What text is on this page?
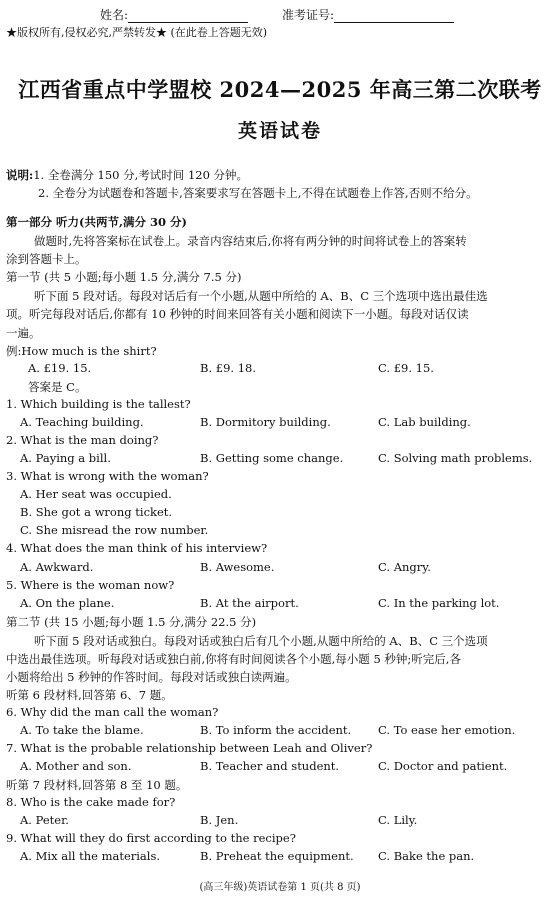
姓名:	准考证号:
★版权所有,侵权必究,严禁转发★ (在此卷上答题无效)
江西省重点中学盟校 2024—2025 年高三第二次联考
英语试卷
说明:1. 全卷满分 150 分,考试时间 120 分钟。
2. 全卷分为试题卷和答题卡,答案要求写在答题卡上,不得在试题卷上作答,否则不给分。
第一部分 听力(共两节,满分 30 分)
做题时,先将答案标在试卷上。录音内容结束后,你将有两分钟的时间将试卷上的答案转
涂到答题卡上。
第一节 (共 5 小题;每小题 1.5 分,满分 7.5 分)
听下面 5 段对话。每段对话后有一个小题,从题中所给的 A、B、C 三个选项中选出最佳选
项。听完每段对话后,你都有 10 秒钟的时间来回答有关小题和阅读下一小题。每段对话仅读
一遍。
例:How much is the shirt?
A. £19. 15.	B. £9. 18.	C. £9. 15.
答案是 C。
1. Which building is the tallest?
A. Teaching building.	B. Dormitory building.	C. Lab building.
2. What is the man doing?
A. Paying a bill.	B. Getting some change.	C. Solving math problems.
3. What is wrong with the woman?
A. Her seat was occupied.
B. She got a wrong ticket.
C. She misread the row number.
4. What does the man think of his interview?
A. Awkward.	B. Awesome.	C. Angry.
5. Where is the woman now?
A. On the plane.	B. At the airport.	C. In the parking lot.
第二节 (共 15 小题;每小题 1.5 分,满分 22.5 分)
听下面 5 段对话或独白。每段对话或独白后有几个小题,从题中所给的 A、B、C 三个选项
中选出最佳选项。听每段对话或独白前,你将有时间阅读各个小题,每小题 5 秒钟;听完后,各
小题将给出 5 秒钟的作答时间。每段对话或独白读两遍。
听第 6 段材料,回答第 6、7 题。
6. Why did the man call the woman?
A. To take the blame.	B. To inform the accident. C. To ease her emotion.
7. What is the probable relationship between Leah and Oliver?
A. Mother and son.	B. Teacher and student.	C. Doctor and patient.
听第 7 段材料,回答第 8 至 10 题。
8. Who is the cake made for?
A. Peter.	B. Jen.	C. Lily.
9. What will they do first according to the recipe?
A. Mix all the materials.	B. Preheat the equipment. C. Bake the pan.
(高三年级)英语试卷第 1 页(共 8 页)
